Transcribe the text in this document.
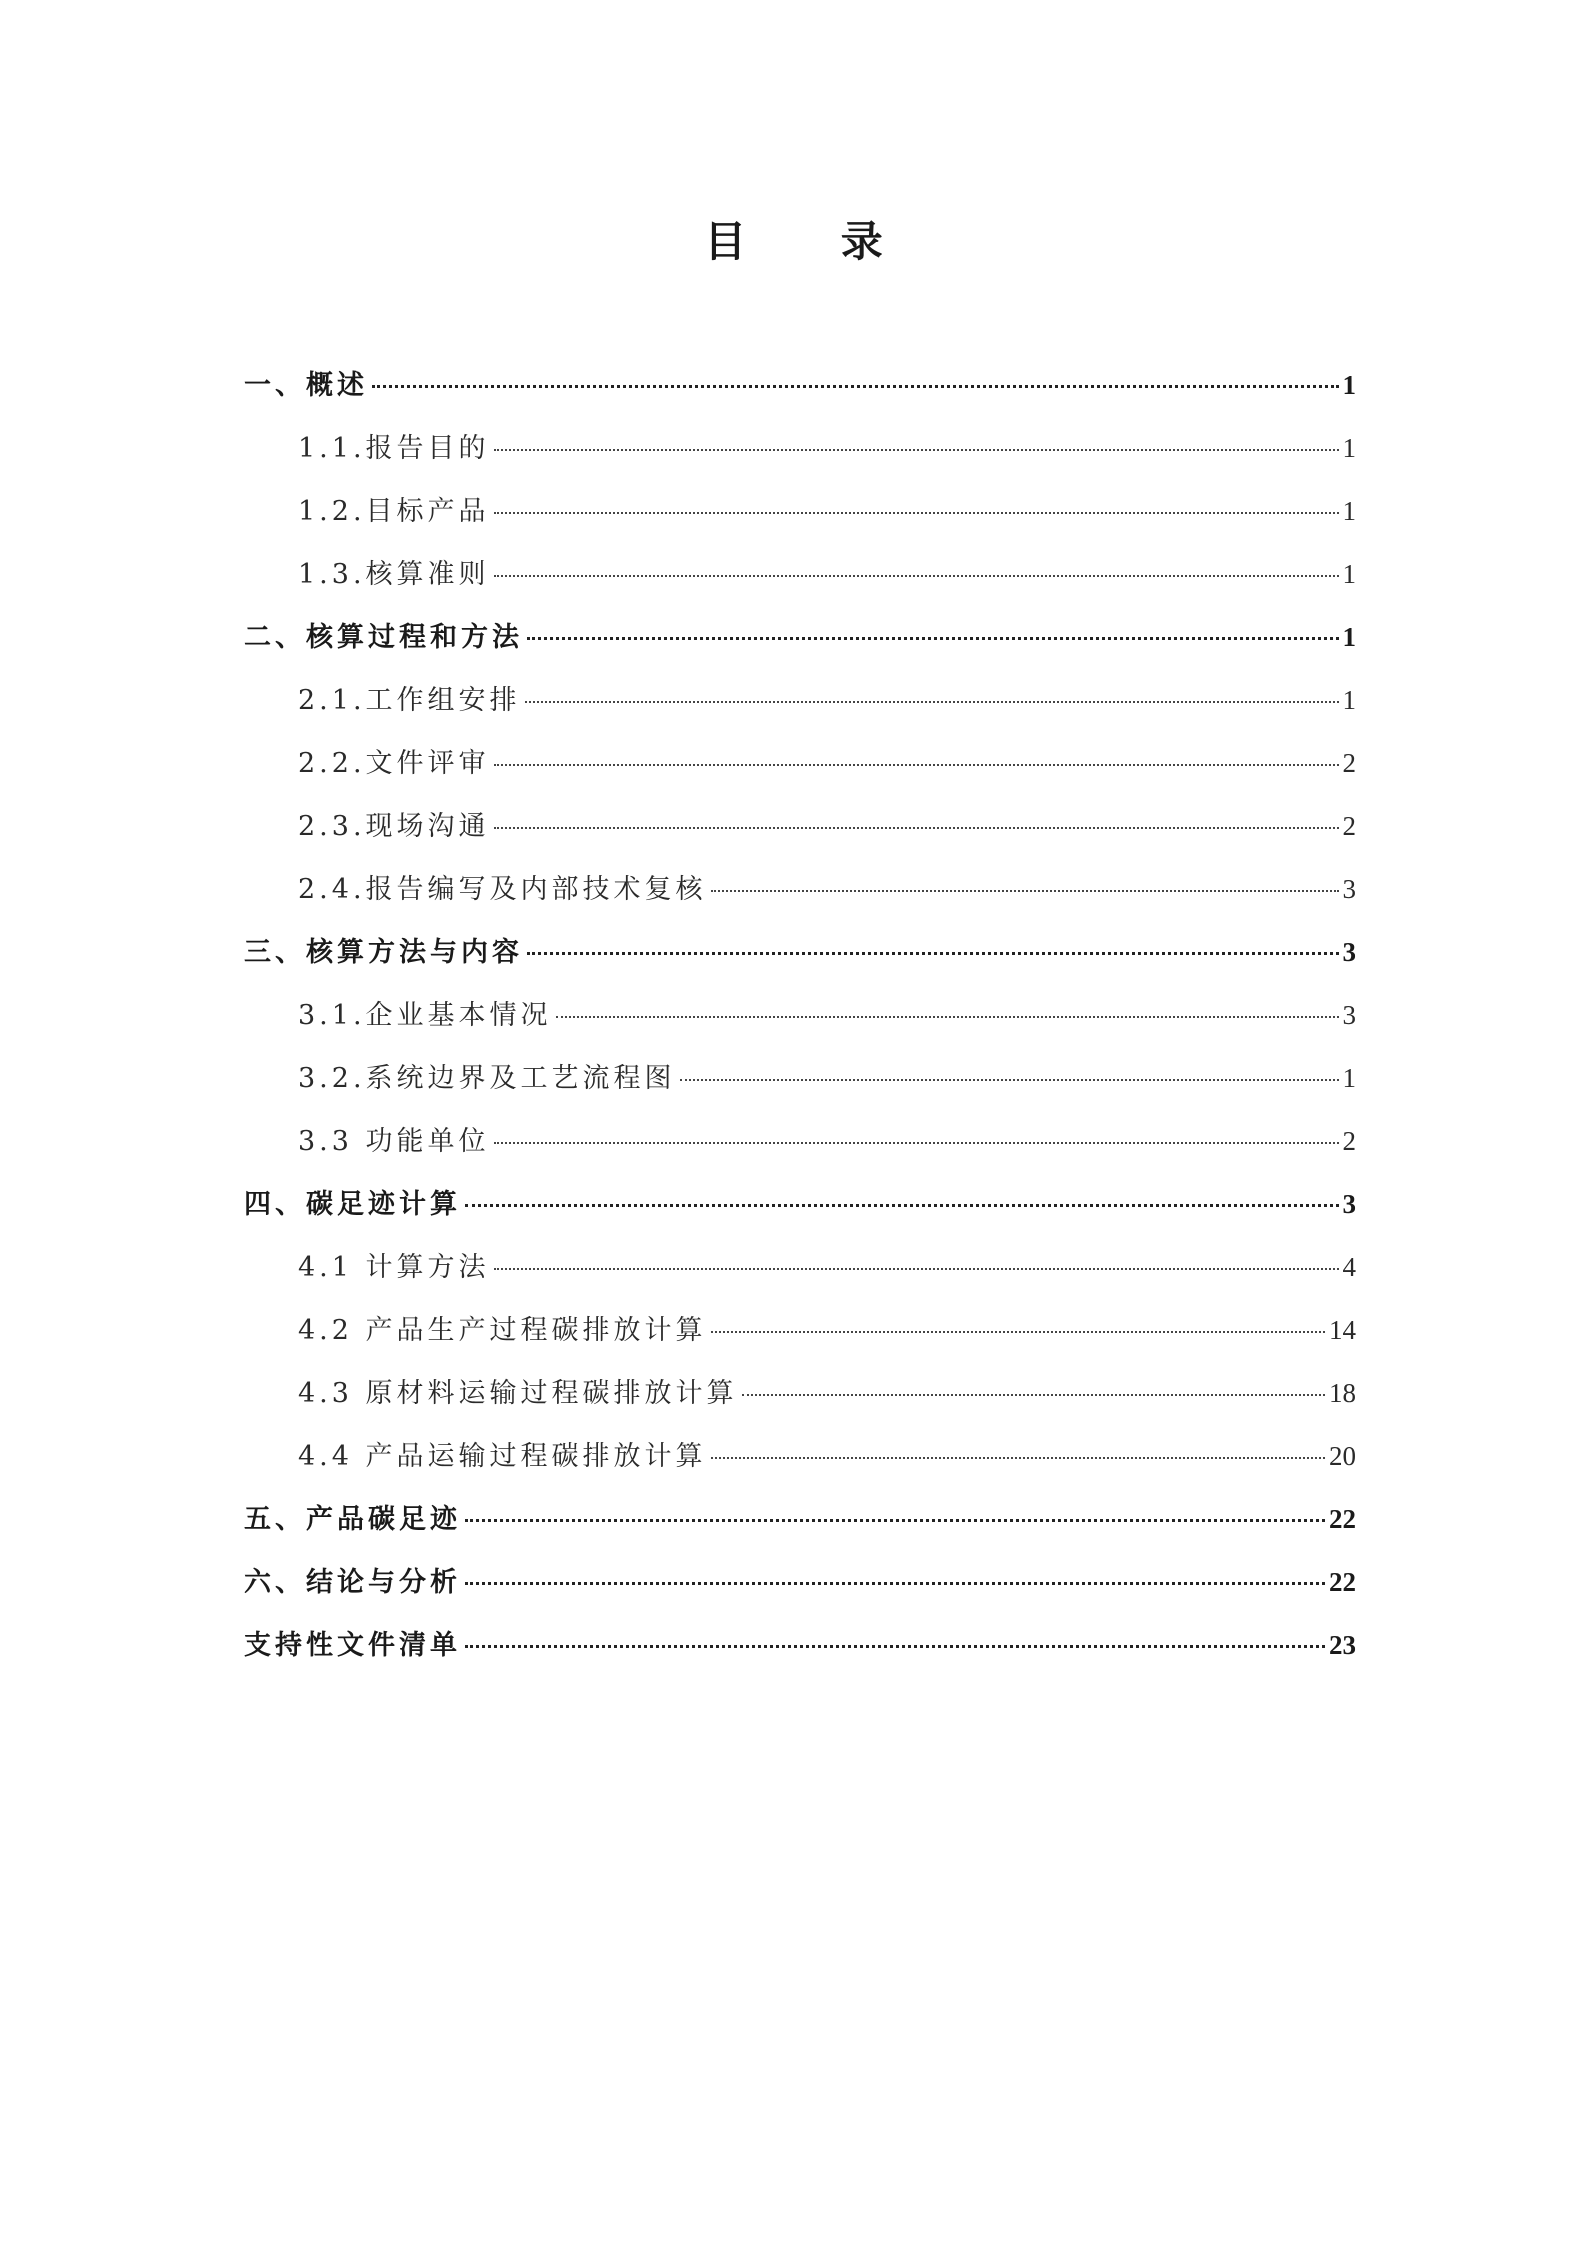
目 录
一、概述	1
1.1.报告目的	1
1.2.目标产品	1
1.3.核算准则	1
二、核算过程和方法	1
2.1.工作组安排	1
2.2.文件评审	2
2.3.现场沟通	2
2.4.报告编写及内部技术复核	3
三、核算方法与内容	3
3.1.企业基本情况	3
3.2.系统边界及工艺流程图	1
3.3 功能单位	2
四、碳足迹计算	3
4.1 计算方法	4
4.2 产品生产过程碳排放计算	14
4.3 原材料运输过程碳排放计算	18
4.4 产品运输过程碳排放计算	20
五、产品碳足迹	22
六、结论与分析	22
支持性文件清单	23
